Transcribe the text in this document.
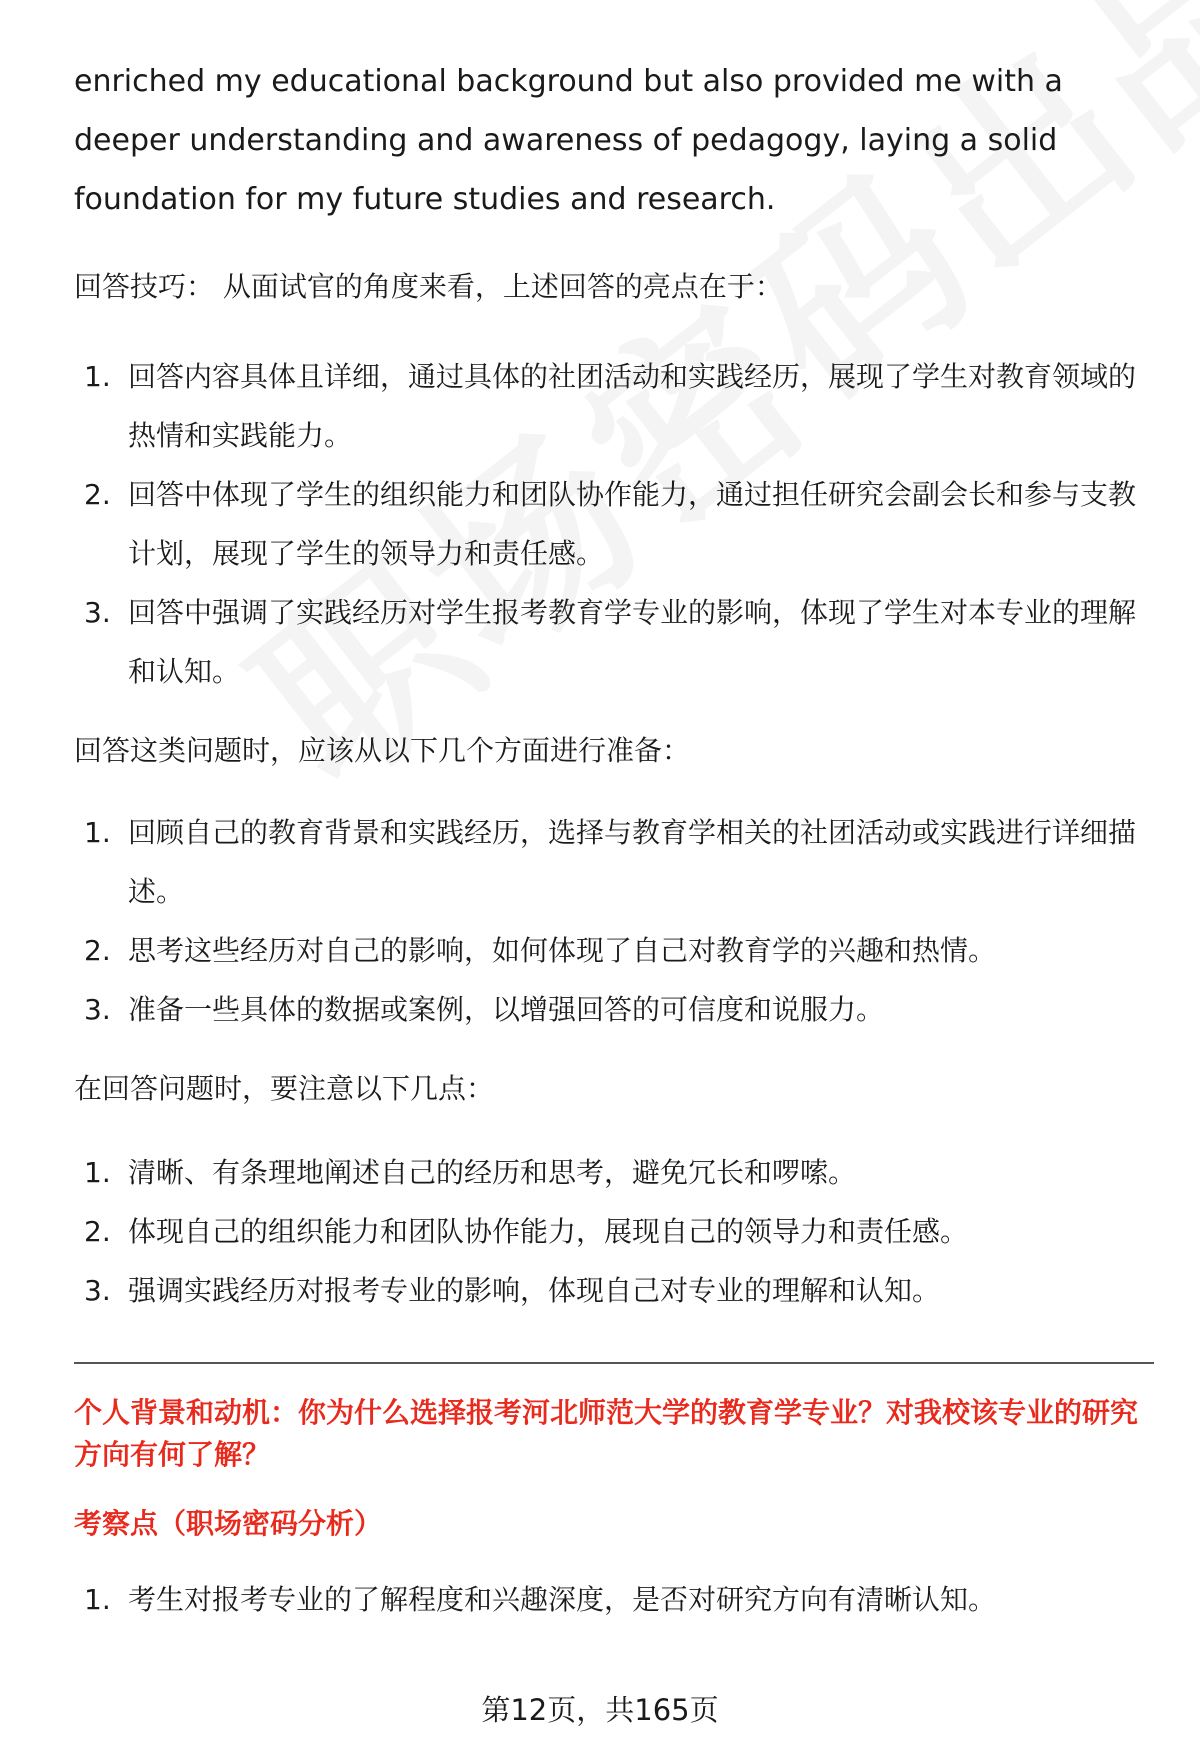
enriched my educational background but also provided me with a deeper understanding and awareness of pedagogy, laying a solid foundation for my future studies and research.

回答技巧： 从面试官的角度来看，上述回答的亮点在于：

1. 回答内容具体且详细，通过具体的社团活动和实践经历，展现了学生对教育领域的热情和实践能力。
2. 回答中体现了学生的组织能力和团队协作能力，通过担任研究会副会长和参与支教计划，展现了学生的领导力和责任感。
3. 回答中强调了实践经历对学生报考教育学专业的影响，体现了学生对本专业的理解和认知。

回答这类问题时，应该从以下几个方面进行准备：

1. 回顾自己的教育背景和实践经历，选择与教育学相关的社团活动或实践进行详细描述。
2. 思考这些经历对自己的影响，如何体现了自己对教育学的兴趣和热情。
3. 准备一些具体的数据或案例，以增强回答的可信度和说服力。

在回答问题时，要注意以下几点：

1. 清晰、有条理地阐述自己的经历和思考，避免冗长和啰嗦。
2. 体现自己的组织能力和团队协作能力，展现自己的领导力和责任感。
3. 强调实践经历对报考专业的影响，体现自己对专业的理解和认知。
个人背景和动机：你为什么选择报考河北师范大学的教育学专业？对我校该专业的研究方向有何了解？
考察点（职场密码分析）
1. 考生对报考专业的了解程度和兴趣深度，是否对研究方向有清晰认知。
第12页，共165页
